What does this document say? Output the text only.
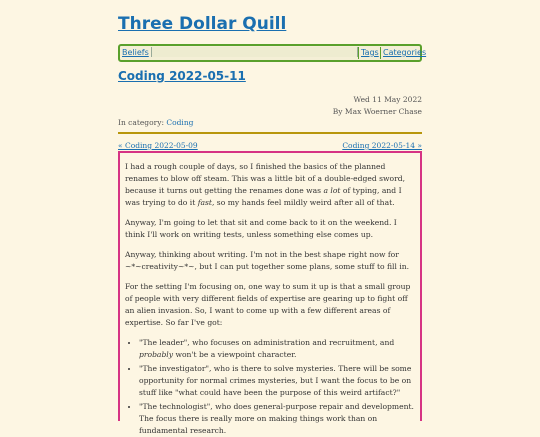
Three Dollar Quill
Beliefs	Tags Categories
Coding 2022-05-11
Wed 11 May 2022
By Max Woerner Chase
In category: Coding
« Coding 2022-05-09	Coding 2022-05-14 »

I had a rough couple of days, so I finished the basics of the planned renames to blow off steam. This was a little bit of a double-edged sword, because it turns out getting the renames done was a lot of typing, and I was trying to do it fast, so my hands feel mildly weird after all of that.

Anyway, I'm going to let that sit and come back to it on the weekend. I think I'll work on writing tests, unless something else comes up.

Anyway, thinking about writing. I'm not in the best shape right now for ~*~creativity~*~, but I can put together some plans, some stuff to fill in.

For the setting I'm focusing on, one way to sum it up is that a small group of people with very different fields of expertise are gearing up to fight off an alien invasion. So, I want to come up with a few different areas of expertise. So far I've got:

• "The leader", who focuses on administration and recruitment, and probably won't be a viewpoint character.
• "The investigator", who is there to solve mysteries. There will be some opportunity for normal crimes mysteries, but I want the focus to be on stuff like "what could have been the purpose of this weird artifact?"
• "The technologist", who does general-purpose repair and development. The focus there is really more on making things work than on fundamental research.
